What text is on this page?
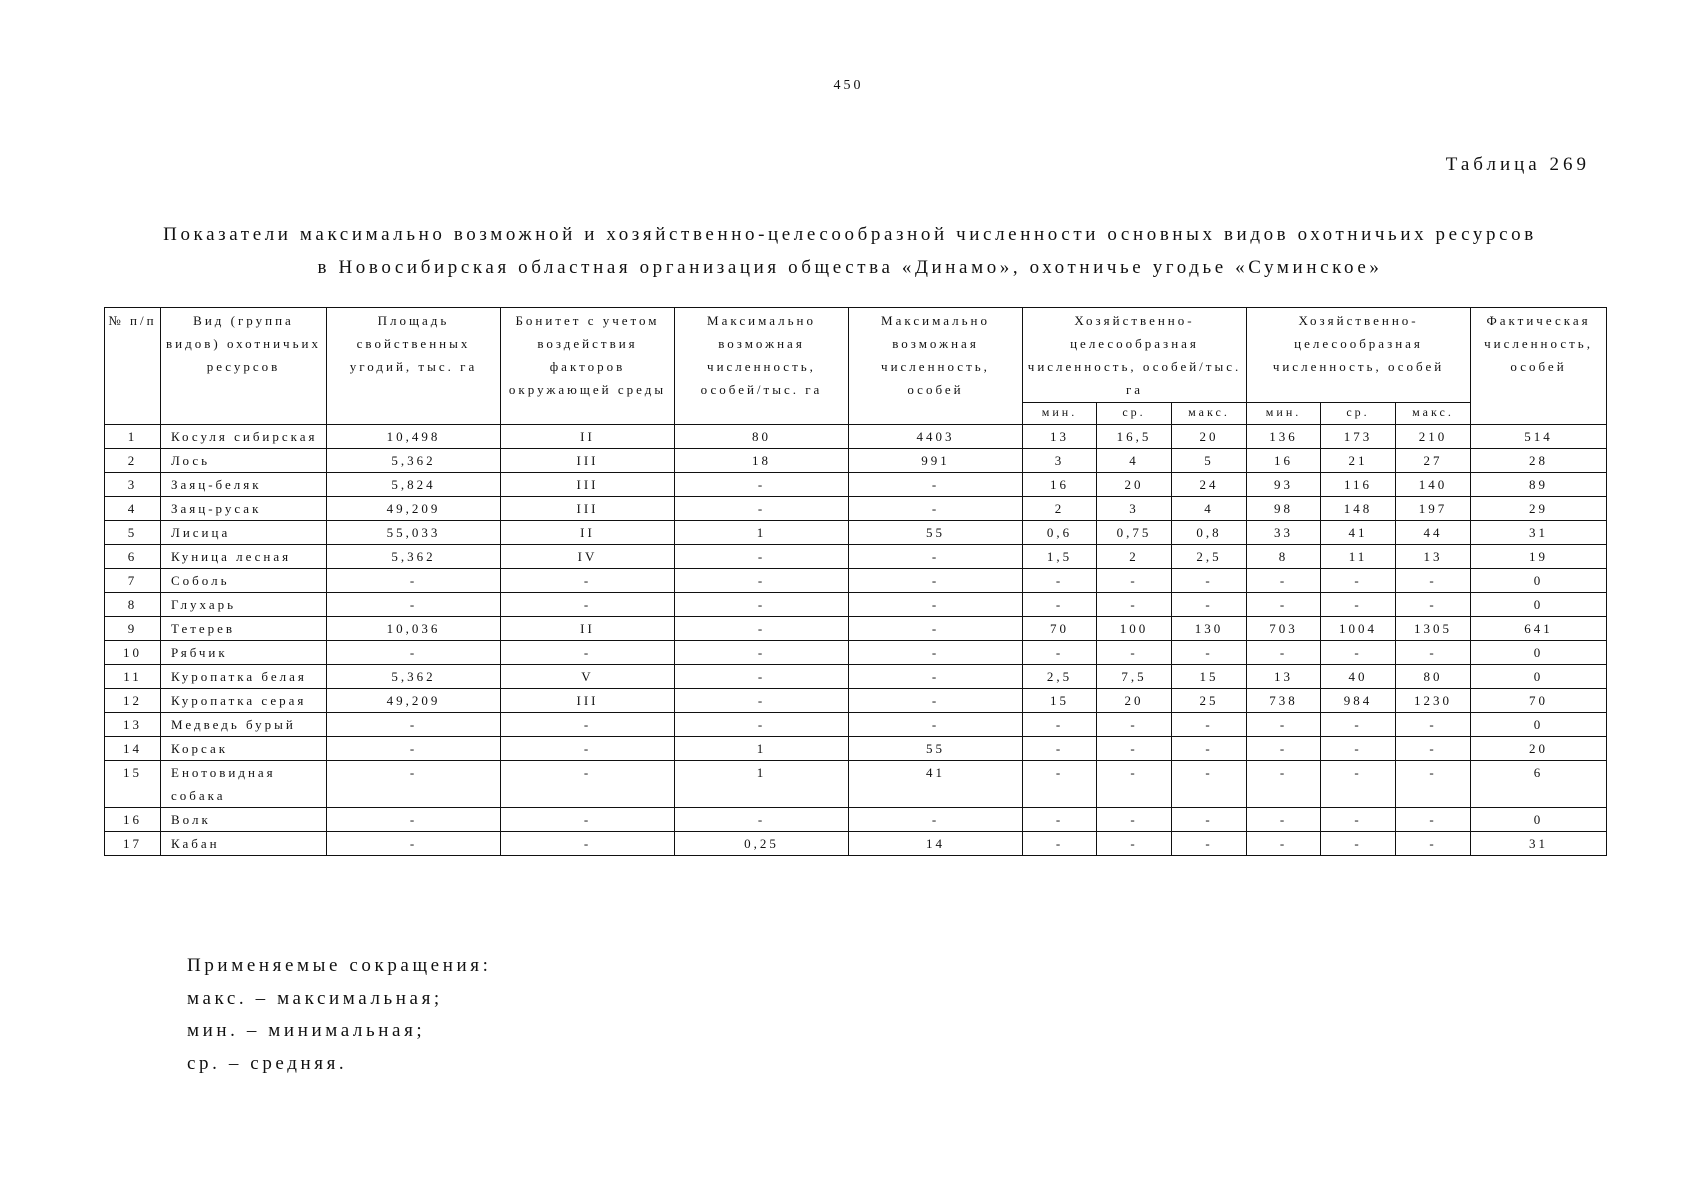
450
Таблица 269
Показатели максимально возможной и хозяйственно-целесообразной численности основных видов охотничьих ресурсов
в Новосибирская областная организация общества «Динамо», охотничье угодье «Суминское»
№ п/п	Вид (группа видов) охотничьих ресурсов	Площадь свойственных угодий, тыс. га	Бонитет с учетом воздействия факторов окружающей среды	Максимально возможная численность, особей/тыс. га	Максимально возможная численность, особей	Хозяйственно-целесообразная численность, особей/тыс. га			Хозяйственно-целесообразная численность, особей			Фактическая численность, особей
						мин.	ср.	макс.	мин.	ср.	макс.	
1	Косуля сибирская	10,498	II	80	4403	13	16,5	20	136	173	210	514
2	Лось	5,362	III	18	991	3	4	5	16	21	27	28
3	Заяц-беляк	5,824	III	-	-	16	20	24	93	116	140	89
4	Заяц-русак	49,209	III	-	-	2	3	4	98	148	197	29
5	Лисица	55,033	II	1	55	0,6	0,75	0,8	33	41	44	31
6	Куница лесная	5,362	IV	-	-	1,5	2	2,5	8	11	13	19
7	Соболь	-	-	-	-	-	-	-	-	-	-	0
8	Глухарь	-	-	-	-	-	-	-	-	-	-	0
9	Тетерев	10,036	II	-	-	70	100	130	703	1004	1305	641
10	Рябчик	-	-	-	-	-	-	-	-	-	-	0
11	Куропатка белая	5,362	V	-	-	2,5	7,5	15	13	40	80	0
12	Куропатка серая	49,209	III	-	-	15	20	25	738	984	1230	70
13	Медведь бурый	-	-	-	-	-	-	-	-	-	-	0
14	Корсак	-	-	1	55	-	-	-	-	-	-	20
15	Енотовидная собака	-	-	1	41	-	-	-	-	-	-	6
16	Волк	-	-	-	-	-	-	-	-	-	-	0
17	Кабан	-	-	0,25	14	-	-	-	-	-	-	31
Применяемые сокращения:
макс. – максимальная;
мин. – минимальная;
ср. – средняя.
